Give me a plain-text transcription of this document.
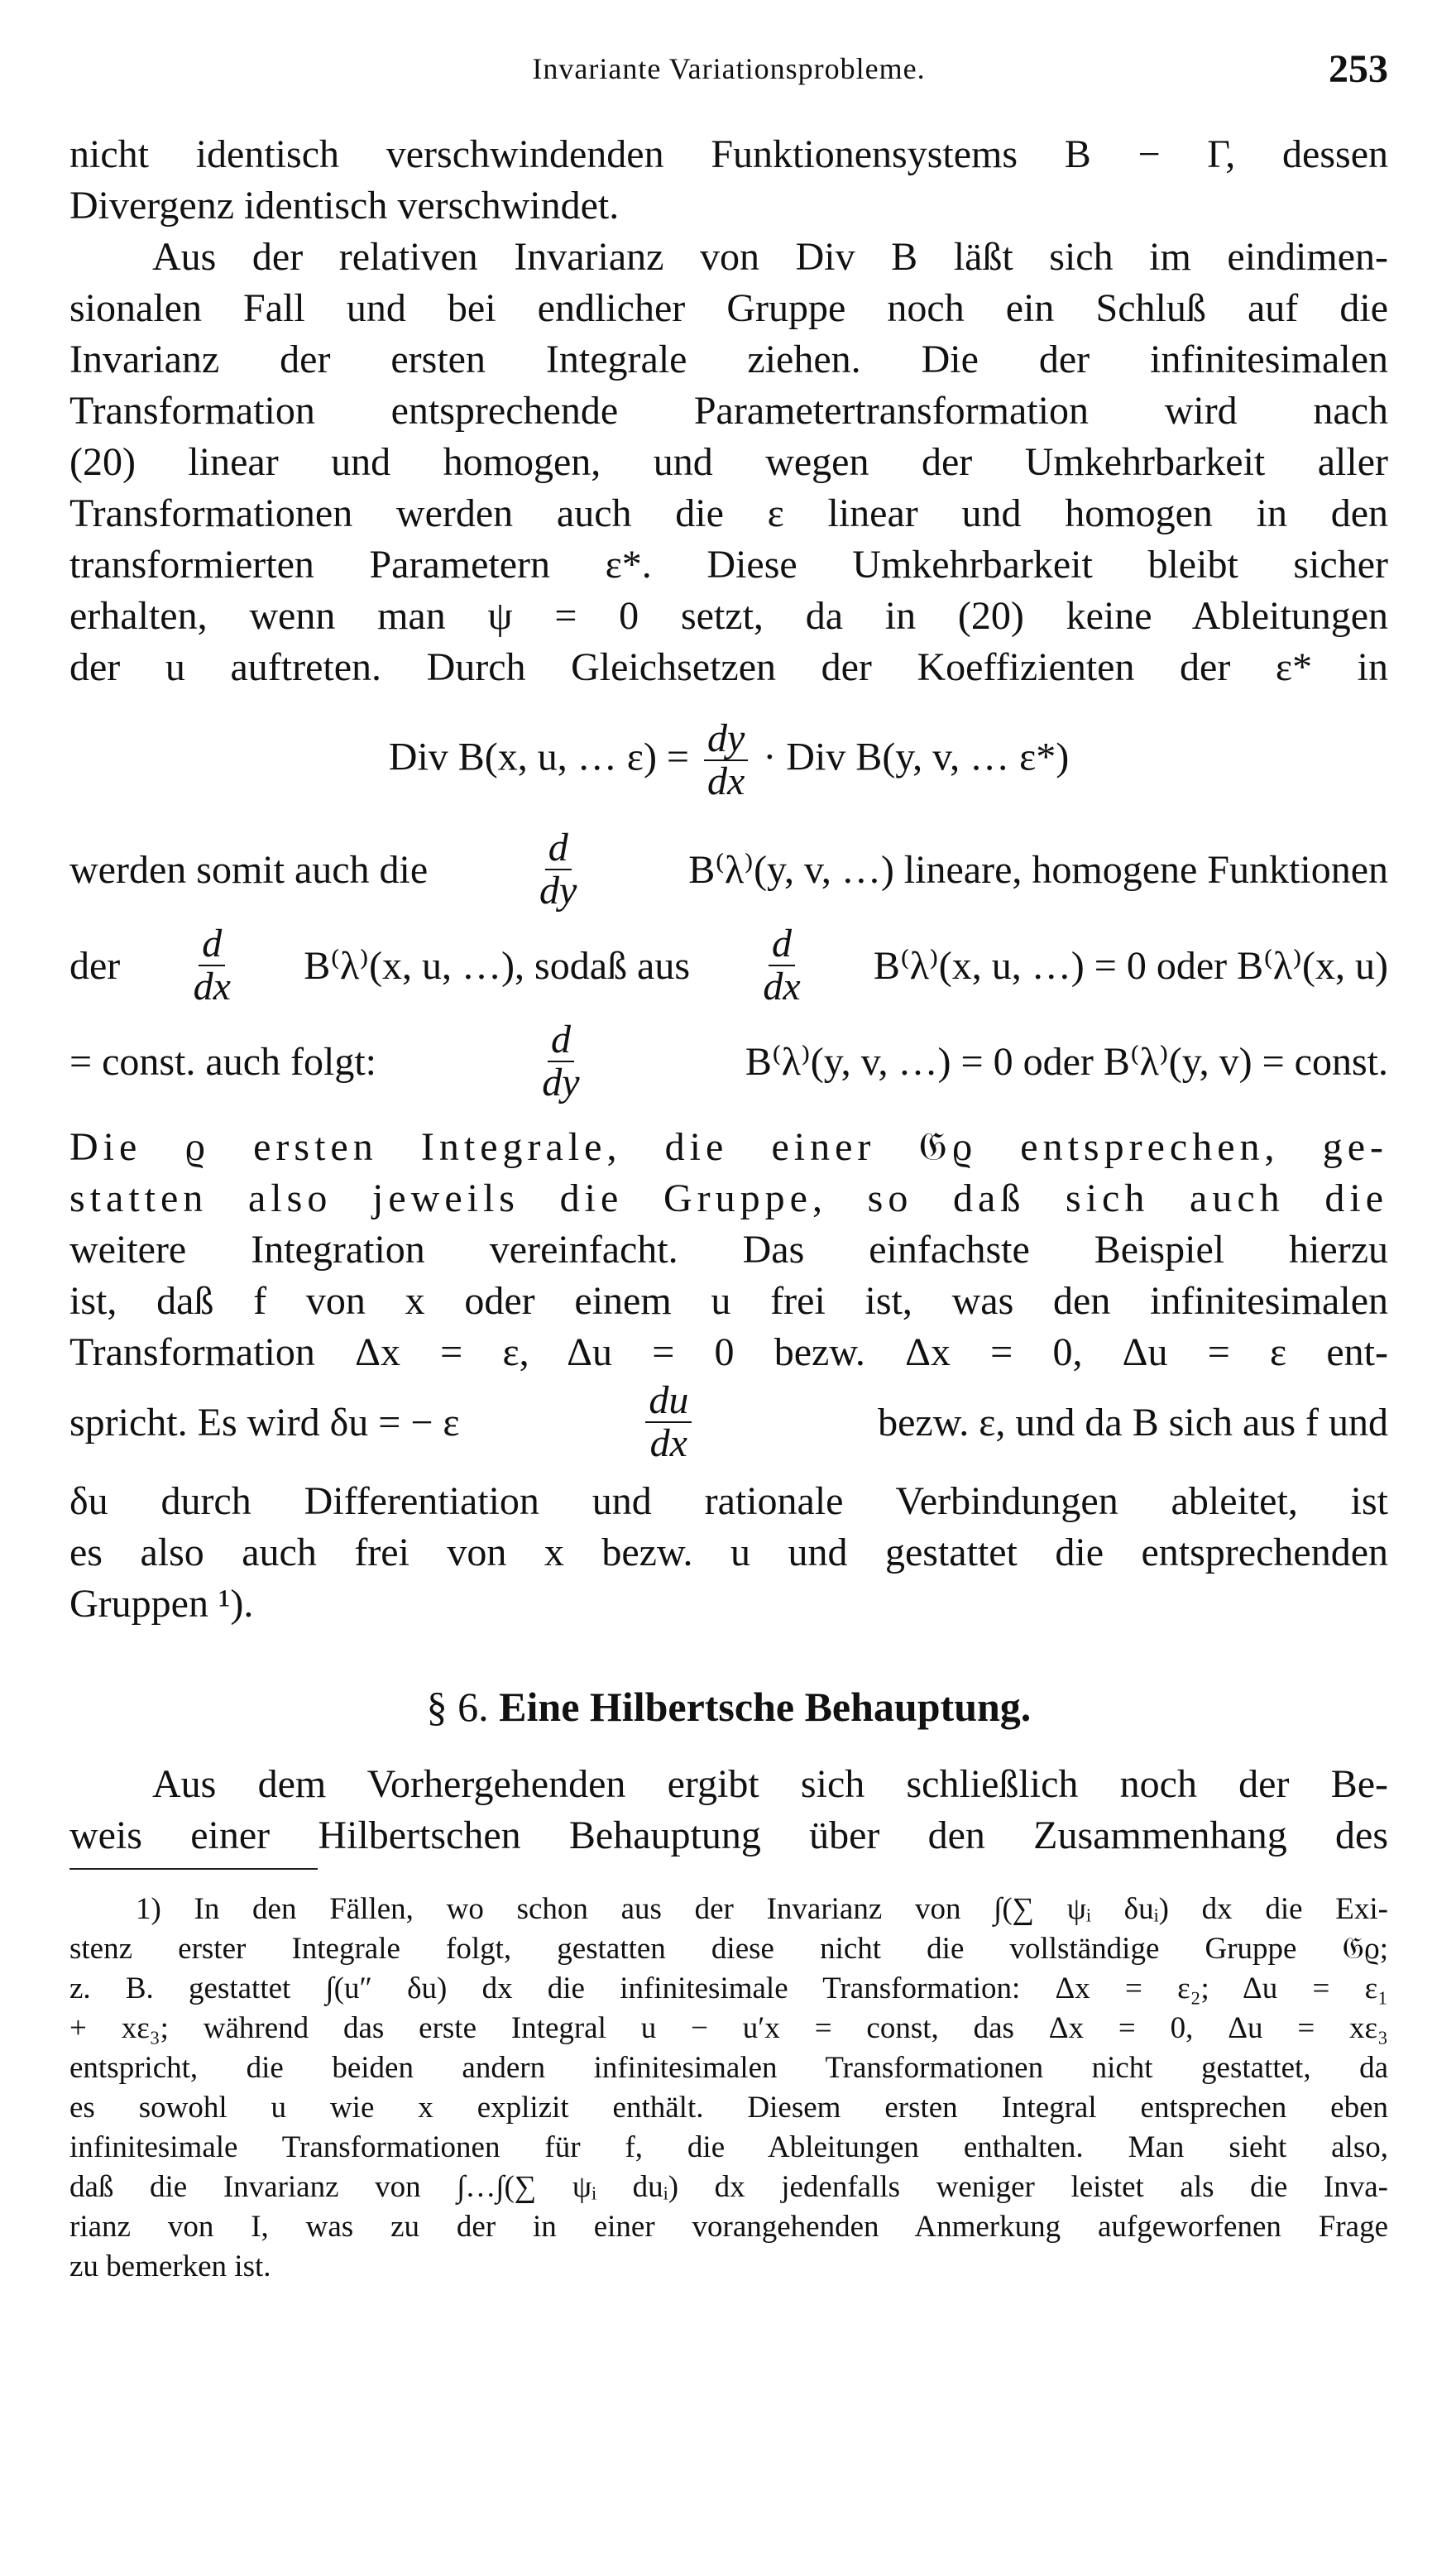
Invariante Variationsprobleme.	253
nicht identisch verschwindenden Funktionensystems B − Γ, dessen
Divergenz identisch verschwindet.
Aus der relativen Invarianz von Div B läßt sich im eindimen-
sionalen Fall und bei endlicher Gruppe noch ein Schluß auf die
Invarianz der ersten Integrale ziehen. Die der infinitesimalen
Transformation entsprechende Parametertransformation wird nach
(20) linear und homogen, und wegen der Umkehrbarkeit aller
Transformationen werden auch die ε linear und homogen in den
transformierten Parametern ε*. Diese Umkehrbarkeit bleibt sicher
erhalten, wenn man ψ = 0 setzt, da in (20) keine Ableitungen
der u auftreten. Durch Gleichsetzen der Koeffizienten der ε* in
Div B(x, u, … $\varepsilon) = \frac{dy}{dx}$ · Div B(y, v, … ε*)
werden somit auch die	$\frac{d}{dy}$	B⁽λ⁾(y, v, …) lineare, homogene Funktionen
der $\frac{d}{dx} B^(\lambda^)(x$, u, …), sodaß aus $\frac{d}{dx} B^(\lambda^)(x$, u, …) = 0 oder B⁽λ⁾(x, u)
= const. auch folgt:	$\frac{d}{dy}$	B⁽λ⁾(y, v, …) = 0 oder B⁽λ⁾(y, v) = const.
Die ϱ ersten Integrale, die einer 𝔊ϱ entsprechen, ge-
statten also jeweils die Gruppe, so daß sich auch die
weitere Integration vereinfacht. Das einfachste Beispiel hierzu
ist, daß f von x oder einem u frei ist, was den infinitesimalen
Transformation Δx = ε, Δu = 0 bezw. Δx = 0, Δu = ε ent-
spricht. Es wird δu = − ε	$\frac{du}{dx}$	bezw. ε, und da B sich aus f und
δu durch Differentiation und rationale Verbindungen ableitet, ist
es also auch frei von x bezw. u und gestattet die entsprechenden
Gruppen ¹).
§ 6. Eine Hilbertsche Behauptung.
Aus dem Vorhergehenden ergibt sich schließlich noch der Be-
weis einer Hilbertschen Behauptung über den Zusammenhang des
1) In den Fällen, wo schon aus der Invarianz von ∫(∑ ψᵢ δuᵢ) dx die Exi-
stenz erster Integrale folgt, gestatten diese nicht die vollständige Gruppe 𝔊ϱ;
z. B. gestattet ∫(u″ δu) dx die infinitesimale Transformation: Δx = ε₂; Δu = ε₁
+ xε₃; während das erste Integral u − u′x = const, das Δx = 0, Δu = xε₃
entspricht, die beiden andern infinitesimalen Transformationen nicht gestattet, da
es sowohl u wie x explizit enthält. Diesem ersten Integral entsprechen eben
infinitesimale Transformationen für f, die Ableitungen enthalten. Man sieht also,
daß die Invarianz von ∫…∫(∑ ψᵢ duᵢ) dx jedenfalls weniger leistet als die Inva-
rianz von I, was zu der in einer vorangehenden Anmerkung aufgeworfenen Frage
zu bemerken ist.
